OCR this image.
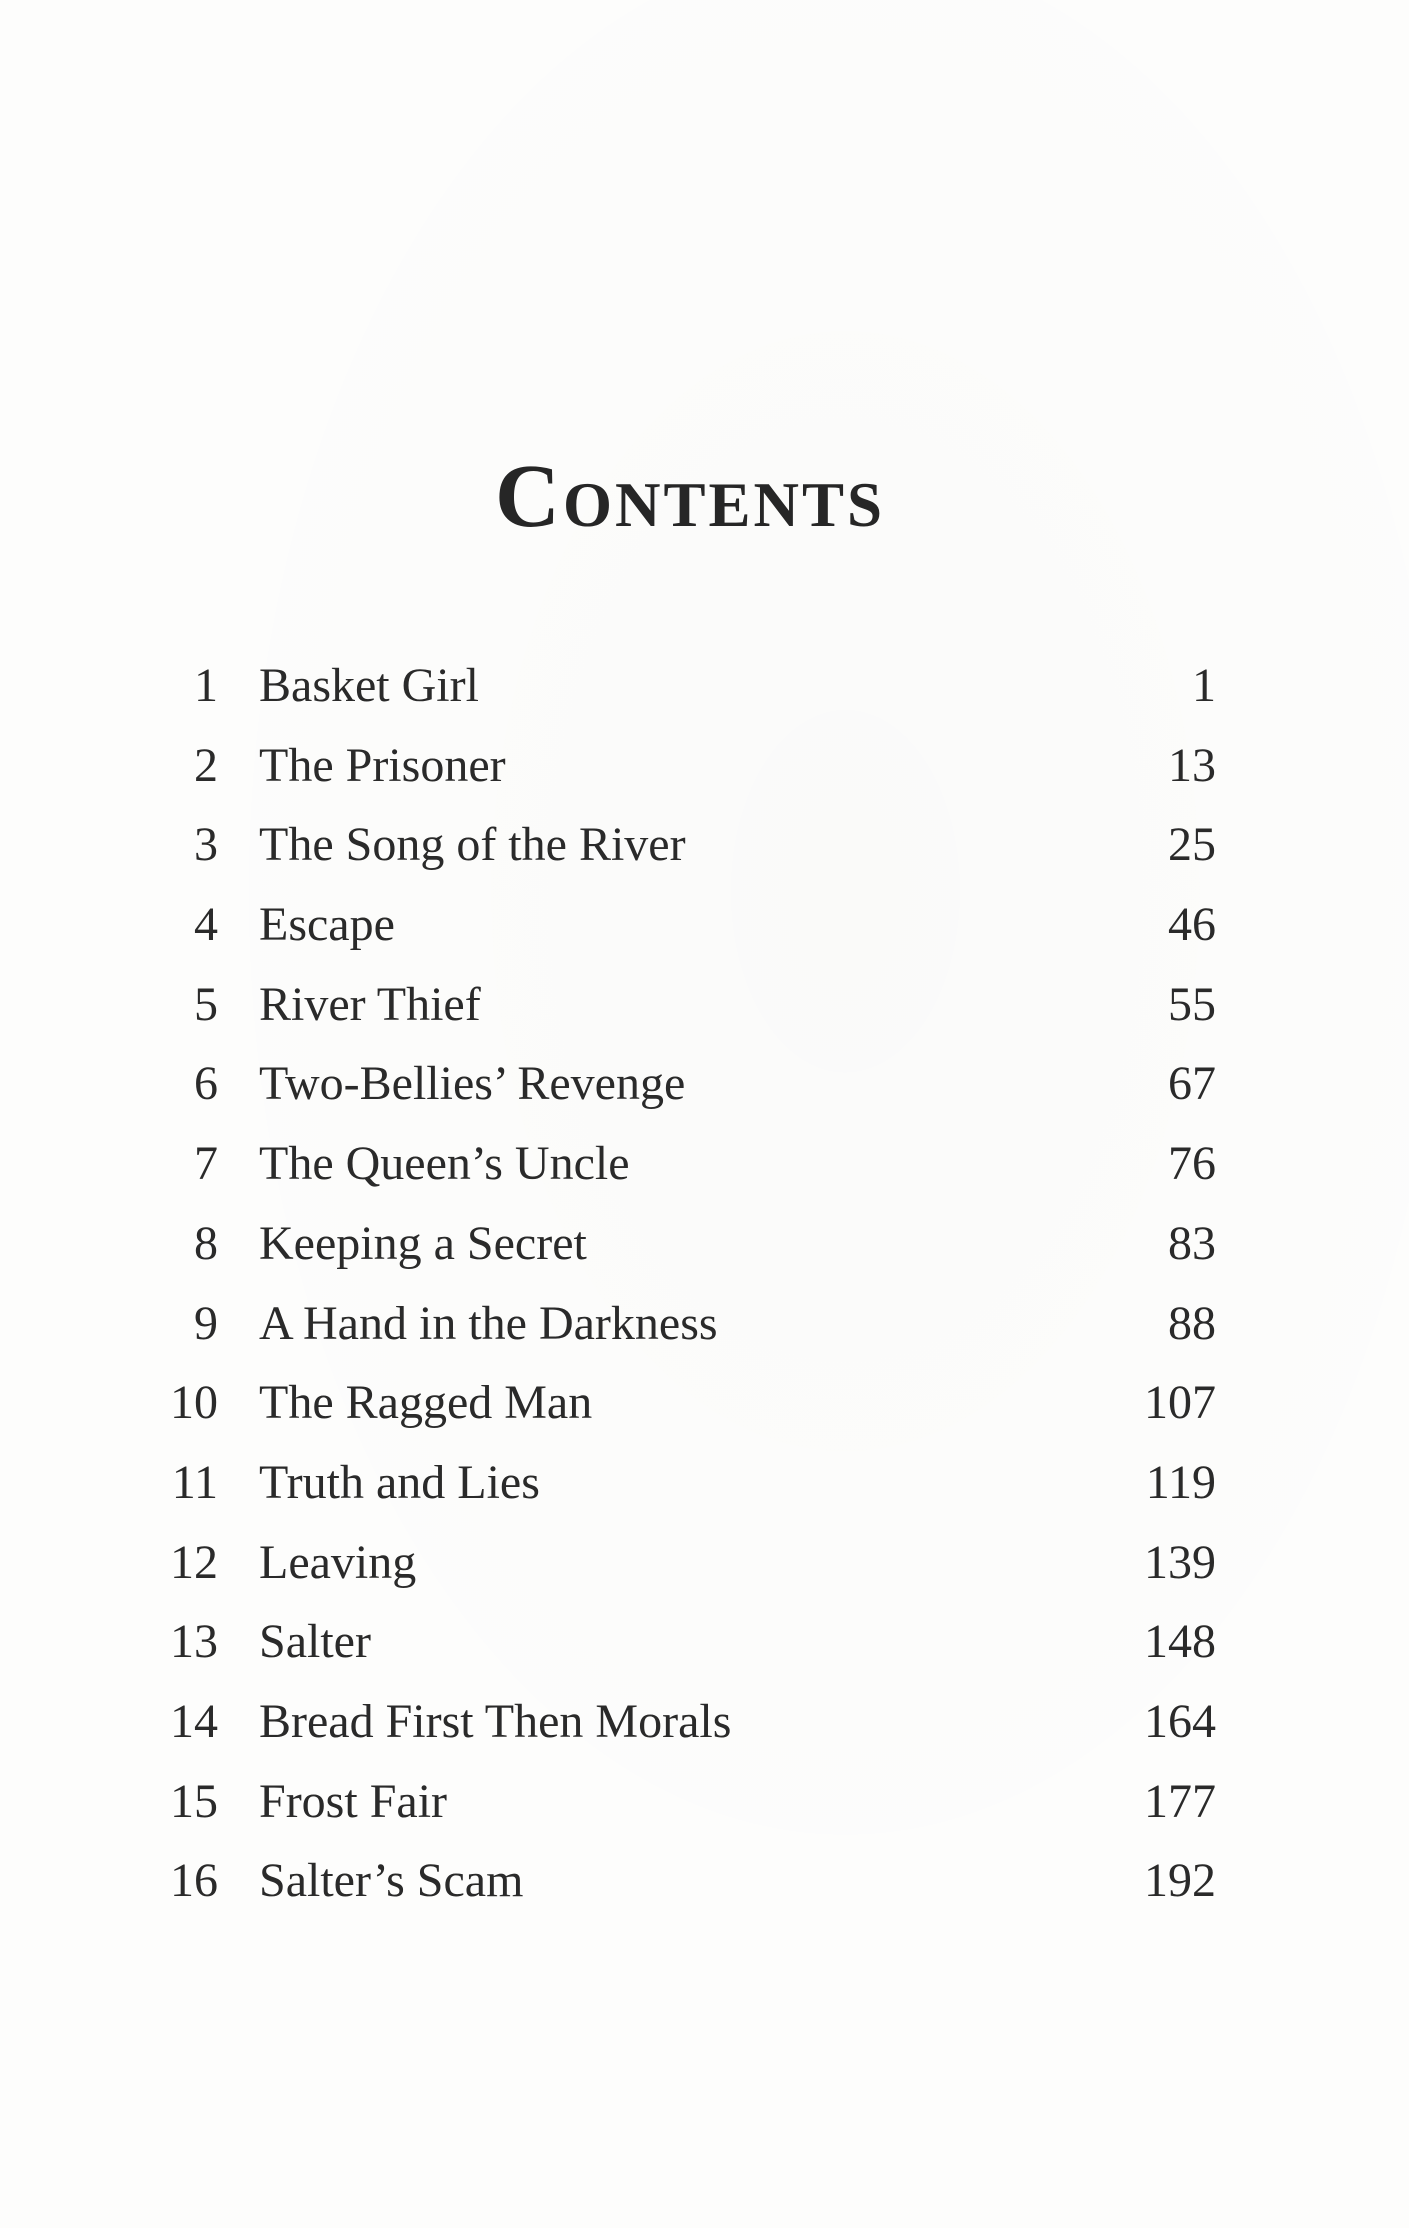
Contents
1 Basket Girl	1
2 The Prisoner	13
3 The Song of the River	25
4 Escape	46
5 River Thief	55
6 Two-Bellies’ Revenge	67
7 The Queen’s Uncle	76
8 Keeping a Secret	83
9 A Hand in the Darkness	88
10 The Ragged Man	107
11 Truth and Lies	119
12 Leaving	139
13 Salter	148
14 Bread First Then Morals	164
15 Frost Fair	177
16 Salter’s Scam	192
